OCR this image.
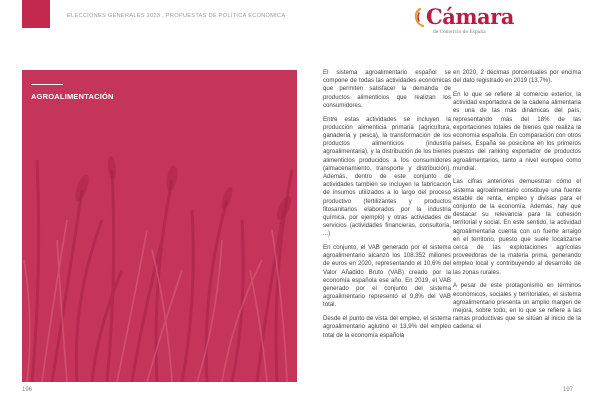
ELECCIONES GENERALES 2023 . PROPUESTAS DE POLÍTICA ECONÓMICA	Cámara
de Comercio de España
AGROALIMENTACIÓN

El sistema agroalimentario español se compone de todas las actividades económicas que permiten satisfacer la demanda de productos alimenticios que realizan los consumidores.

Entre estas actividades se incluyen la producción alimenticia primaria (agricultura, ganadería y pesca), la transformación de los productos alimenticios (industria agroalimentaria), y la distribución de los bienes alimenticios producidos a los consumidores (almacenamiento, transporte y distribución). Además, dentro de este conjunto de actividades también se incluyen la fabricación de insumos utilizados a lo largo del proceso productivo (fertilizantes y productos fitosanitarios elaborados por la industria química, por ejemplo) y otras actividades de servicios (actividades financieras, consultoría, ...)

En conjunto, el VAB generado por el sistema agroalimentario alcanzó los 108.352 millones de euros en 2020, representando el 10,6% del Valor Añadido Bruto (VAB) creado por la economía española ese año. En 2019, el VAB generado por el conjunto del sistema agroalimentario representó el 9,8% del VAB total.

Desde el punto de vista del empleo, el sistema agroalimentario aglutinó el 13,9% del empleo total de la economía española

en 2020, 2 décimas porcentuales por encima del dato registrado en 2019 (13,7%).

En lo que se refiere al comercio exterior, la actividad exportadora de la cadena alimentaria es una de las más dinámicas del país, representando más del 18% de las exportaciones totales de bienes que realiza la economía española. En comparación con otros países, España se posiciona en los primeros puestos del ranking exportador de productos agroalimentarios, tanto a nivel europeo como mundial.

Las cifras anteriores demuestran cómo el sistema agroalimentario constituye una fuente estable de renta, empleo y divisas para el conjunto de la economía. Además, hay que destacar su relevancia para la cohesión territorial y social. En este sentido, la actividad agroalimentaria cuenta con un fuerte arraigo en el territorio, puesto que suele localizarse cerca de las explotaciones agrícolas proveedoras de la materia prima, generando empleo local y contribuyendo al desarrollo de las zonas rurales.

A pesar de este protagonismo en términos económicos, sociales y territoriales, el sistema agroalimentario presenta un amplio margen de mejora, sobre todo, en lo que se refiere a las ramas productivas que se sitúan al inicio de la cadena: el

196	197
